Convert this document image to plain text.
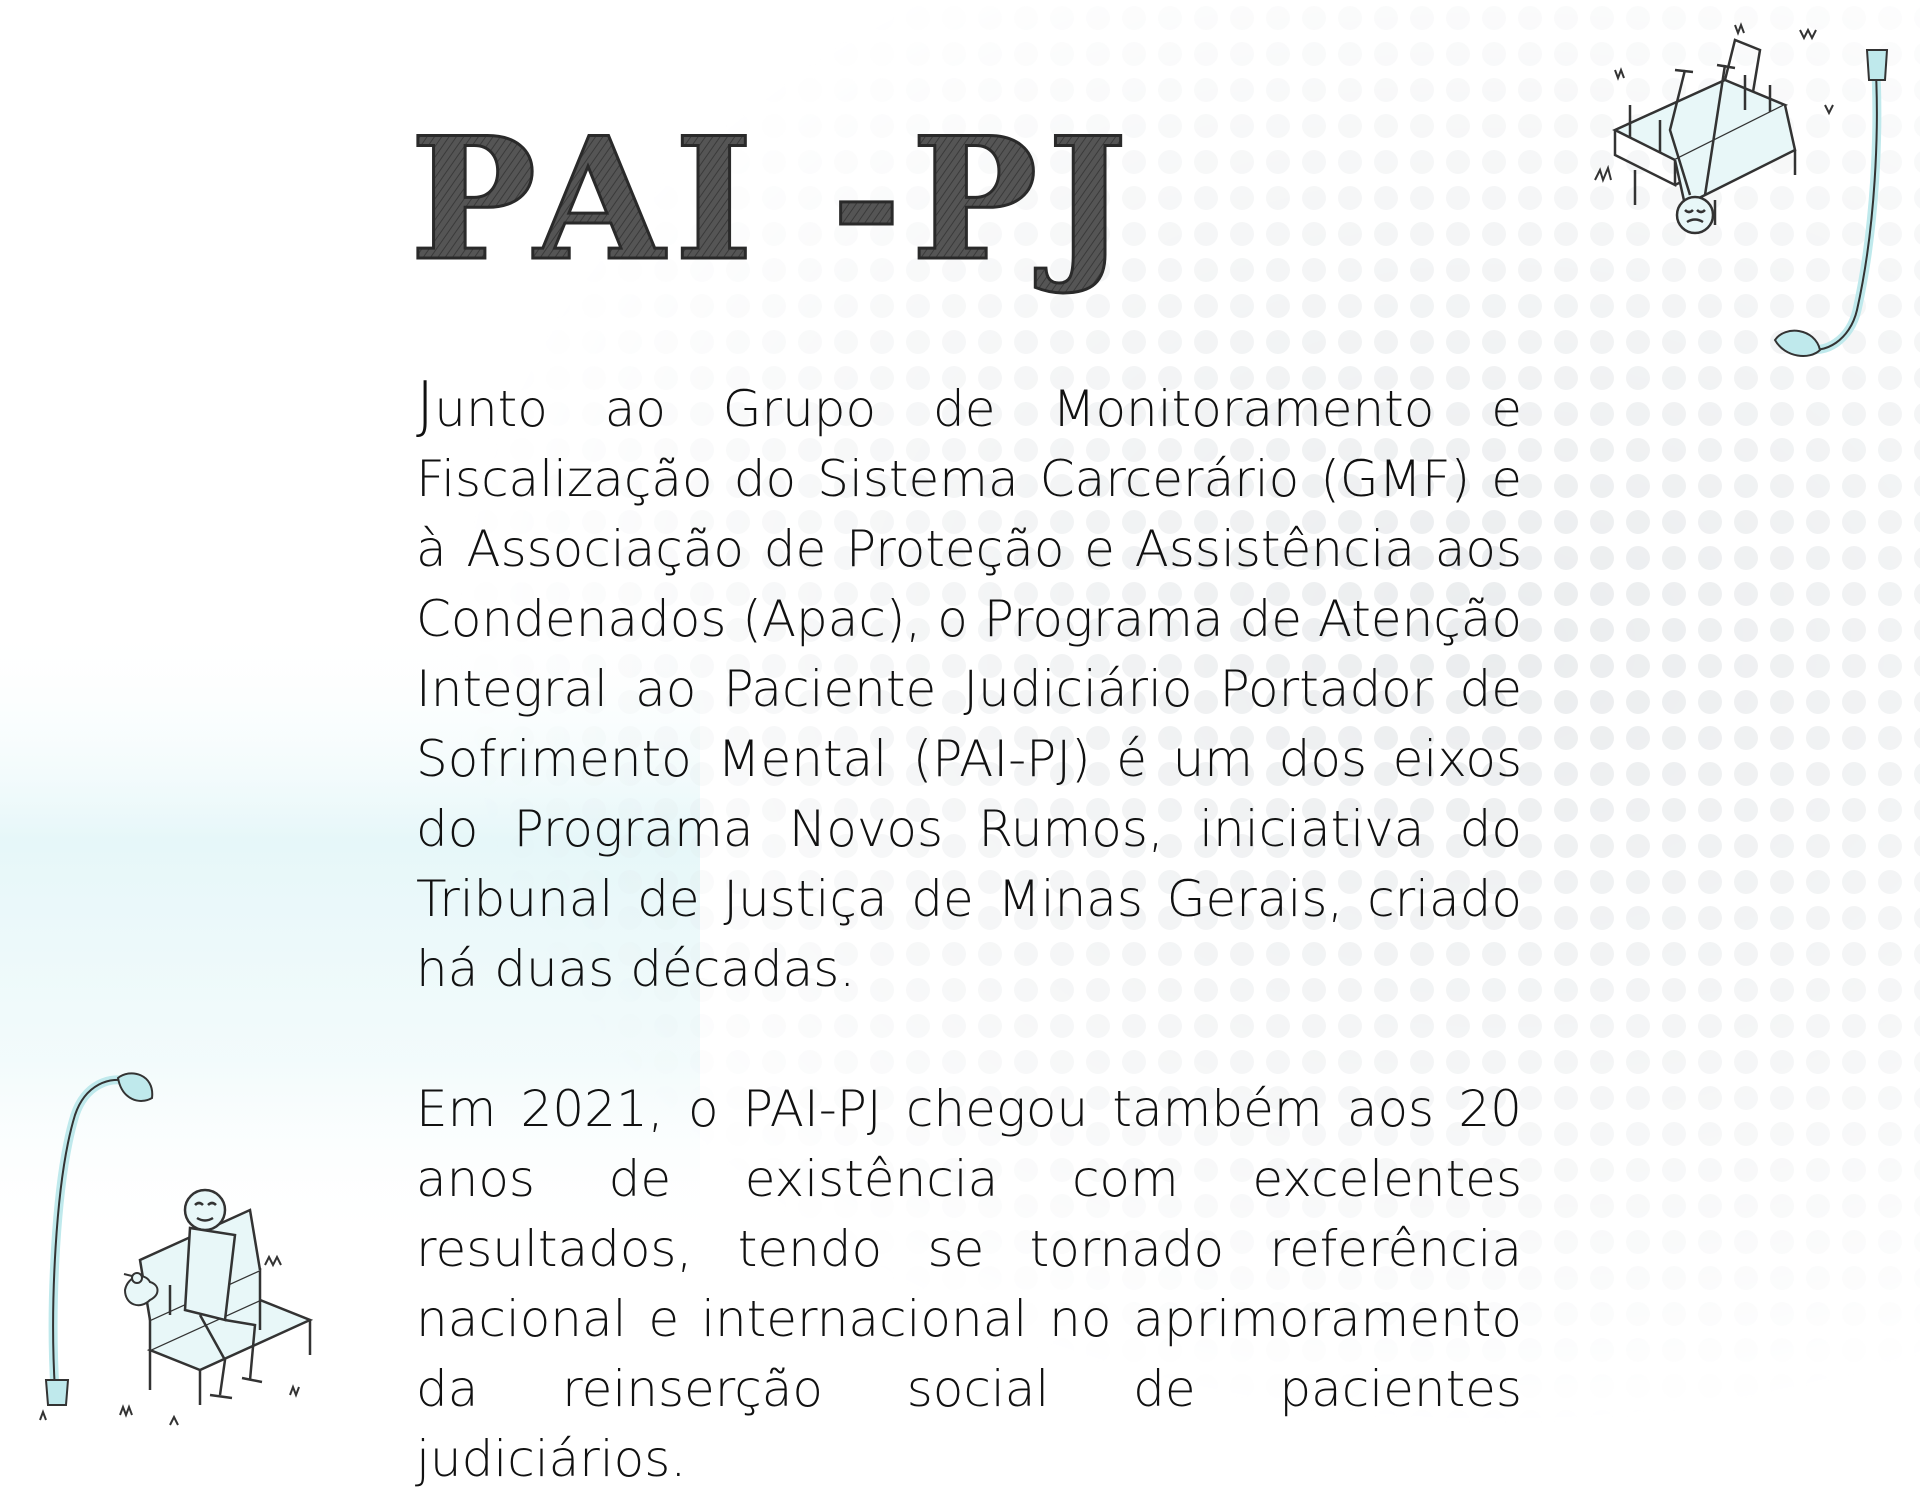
PAI -PJ

Junto ao Grupo de Monitoramento e Fiscalização do Sistema Carcerário (GMF) e à Associação de Proteção e Assistência aos Condenados (Apac), o Programa de Atenção Integral ao Paciente Judiciário Portador de Sofrimento Mental (PAI-PJ) é um dos eixos do Programa Novos Rumos, iniciativa do Tribunal de Justiça de Minas Gerais, criado há duas décadas.

Em 2021, o PAI-PJ chegou também aos 20 anos de existência com excelentes resultados, tendo se tornado referência nacional e internacional no aprimoramento da reinserção social de pacientes judiciários.
